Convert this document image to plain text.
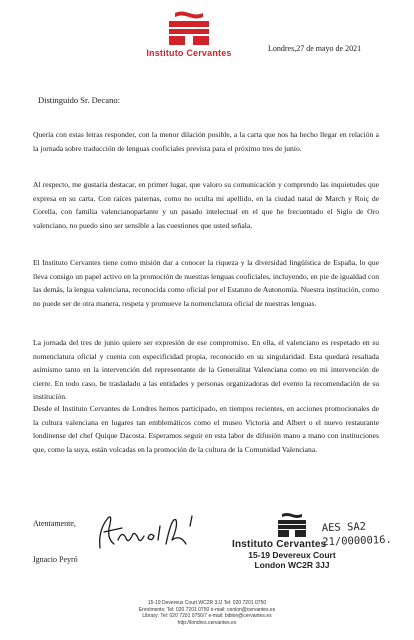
Instituto Cervantes	Londres,27 de mayo de 2021
Distinguido Sr. Decano:
Quería con estas letras responder, con la menor dilación posible, a la carta que nos ha hecho llegar en relación a la jornada sobre traducción de lenguas cooficiales prevista para el próximo tres de junio.
Al respecto, me gustaría destacar, en primer lugar, que valoro su comunicación y comprendo las inquietudes que expresa en su carta. Con raíces paternas, como no oculta mi apellido, en la ciudad natal de March y Roiç de Corella, con familia valencianoparlante y un pasado intelectual en el que he frecuentado el Siglo de Oro valenciano, no puedo sino ser sensible a las cuestiones que usted señala.
El Instituto Cervantes tiene como misión dar a conocer la riqueza y la diversidad lingüística de España, lo que lleva consigo un papel activo en la promoción de nuestras lenguas cooficiales, incluyendo, en pie de igualdad con las demás, la lengua valenciana, reconocida como oficial por el Estatuto de Autonomía. Nuestra institución, como no puede ser de otra manera, respeta y promueve la nomenclatura oficial de nuestras lenguas.
La jornada del tres de junio quiere ser expresión de ese compromiso. En ella, el valenciano es respetado en su nomenclatura oficial y cuenta con especificidad propia, reconocido en su singularidad. Esta quedará resaltada asimismo tanto en la intervención del representante de la Generalitat Valenciana como en mi intervención de cierre. En todo caso, he trasladado a las entidades y personas organizadoras del evento la recomendación de su institución.
Desde el Instituto Cervantes de Londres hemos participado, en tiempos recientes, en acciones promocionales de la cultura valenciana en lugares tan emblemáticos como el museo Victoria and Albert o el nuevo restaurante londinense del chef Quique Dacosta. Esperamos seguir en esta labor de difusión mano a mano con instituciones que, como la suya, están volcadas en la promoción de la cultura de la Comunidad Valenciana.
Atentamente,
Ignacio Peyró
Instituto Cervantes
15-19 Devereux Court
London WC2R 3JJ
AES SA2
21/0000016.
15-19 Devereux Court WC2R 3JJ Tel: 020 7201 0750
Enrolments: Tel: 020 7201 0750 e-mail: cenlon@cervantes.es
Library: Tel: 020 7201 0756/7 e-mail: biblon@cervantes.es
http://londres.cervantes.es
